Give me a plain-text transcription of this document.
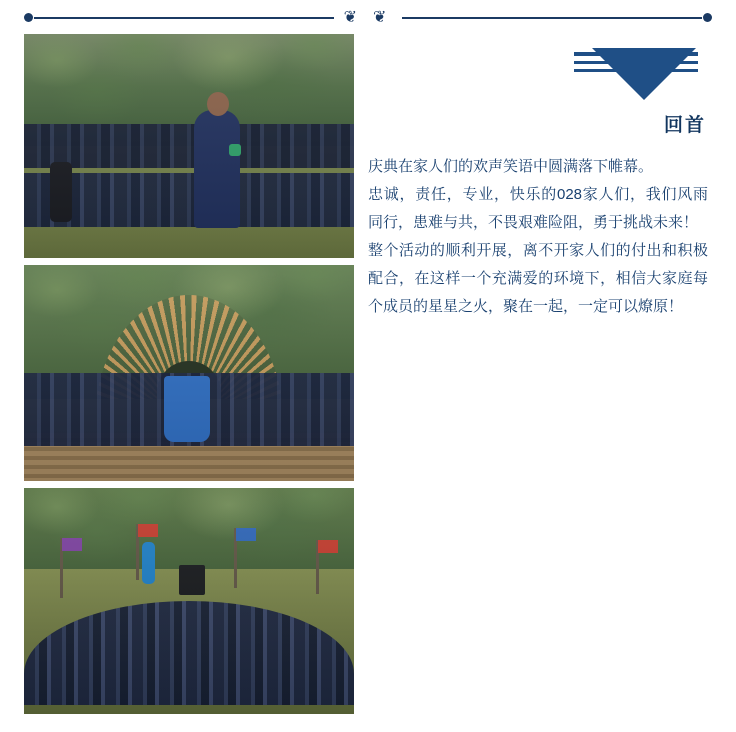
❦ ❦
回首

庆典在家人们的欢声笑语中圆满落下帷幕。

忠诚，责任，专业，快乐的028家人们，我们风雨同行，患难与共，不畏艰难险阻，勇于挑战未来！

整个活动的顺利开展，离不开家人们的付出和积极配合，在这样一个充满爱的环境下，相信大家庭每个成员的星星之火，聚在一起，一定可以燎原！
